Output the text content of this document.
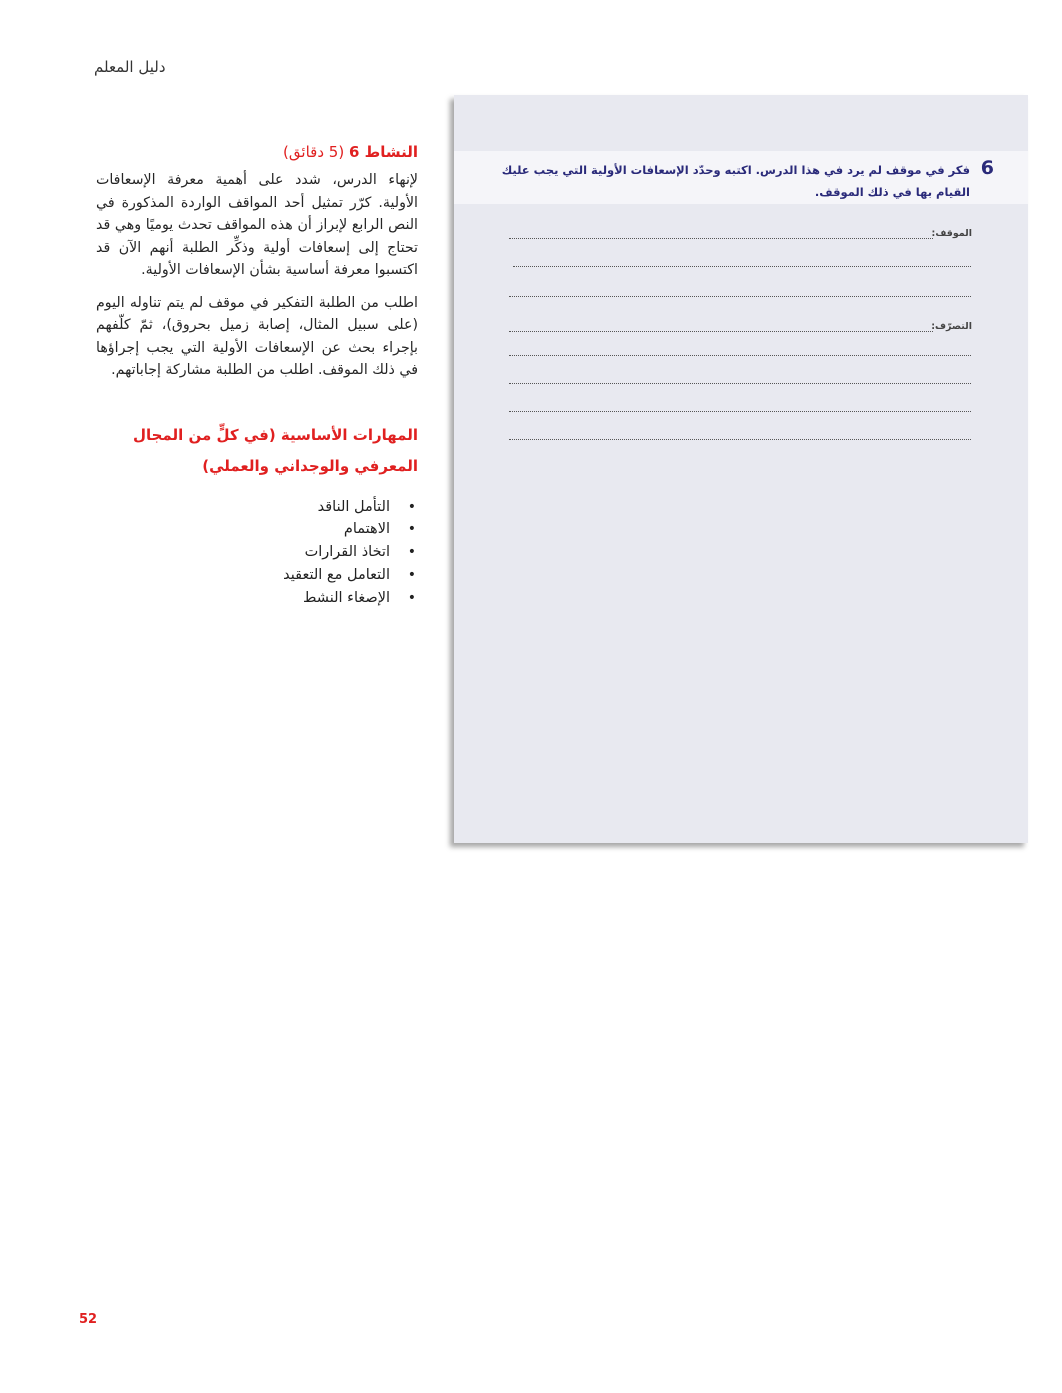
دليل المعلم
النشاط 6 (5 دقائق)

لإنهاء الدرس، شدد على أهمية معرفة الإسعافات الأولية. كرّر تمثيل أحد المواقف الواردة المذكورة في النص الرابع لإبراز أن هذه المواقف تحدث يوميًا وهي قد تحتاج إلى إسعافات أولية وذكِّر الطلبة أنهم الآن قد اكتسبوا معرفة أساسية بشأن الإسعافات الأولية.

اطلب من الطلبة التفكير في موقف لم يتم تناوله اليوم (على سبيل المثال، إصابة زميل بحروق)، ثمّ كلّفهم بإجراء بحث عن الإسعافات الأولية التي يجب إجراؤها في ذلك الموقف. اطلب من الطلبة مشاركة إجاباتهم.

المهارات الأساسية (في كلٍّ من المجال المعرفي والوجداني والعملي)
•
التأمل الناقد
•
الاهتمام
•
اتخاذ القرارات
•
التعامل مع التعقيد
•
الإصغاء النشط
6
فكر في موقف لم يرد في هذا الدرس. اكتبه وحدّد الإسعافات الأولية التي يجب عليك القيام بها في ذلك الموقف.
الموقف:
التصرّف:
52
